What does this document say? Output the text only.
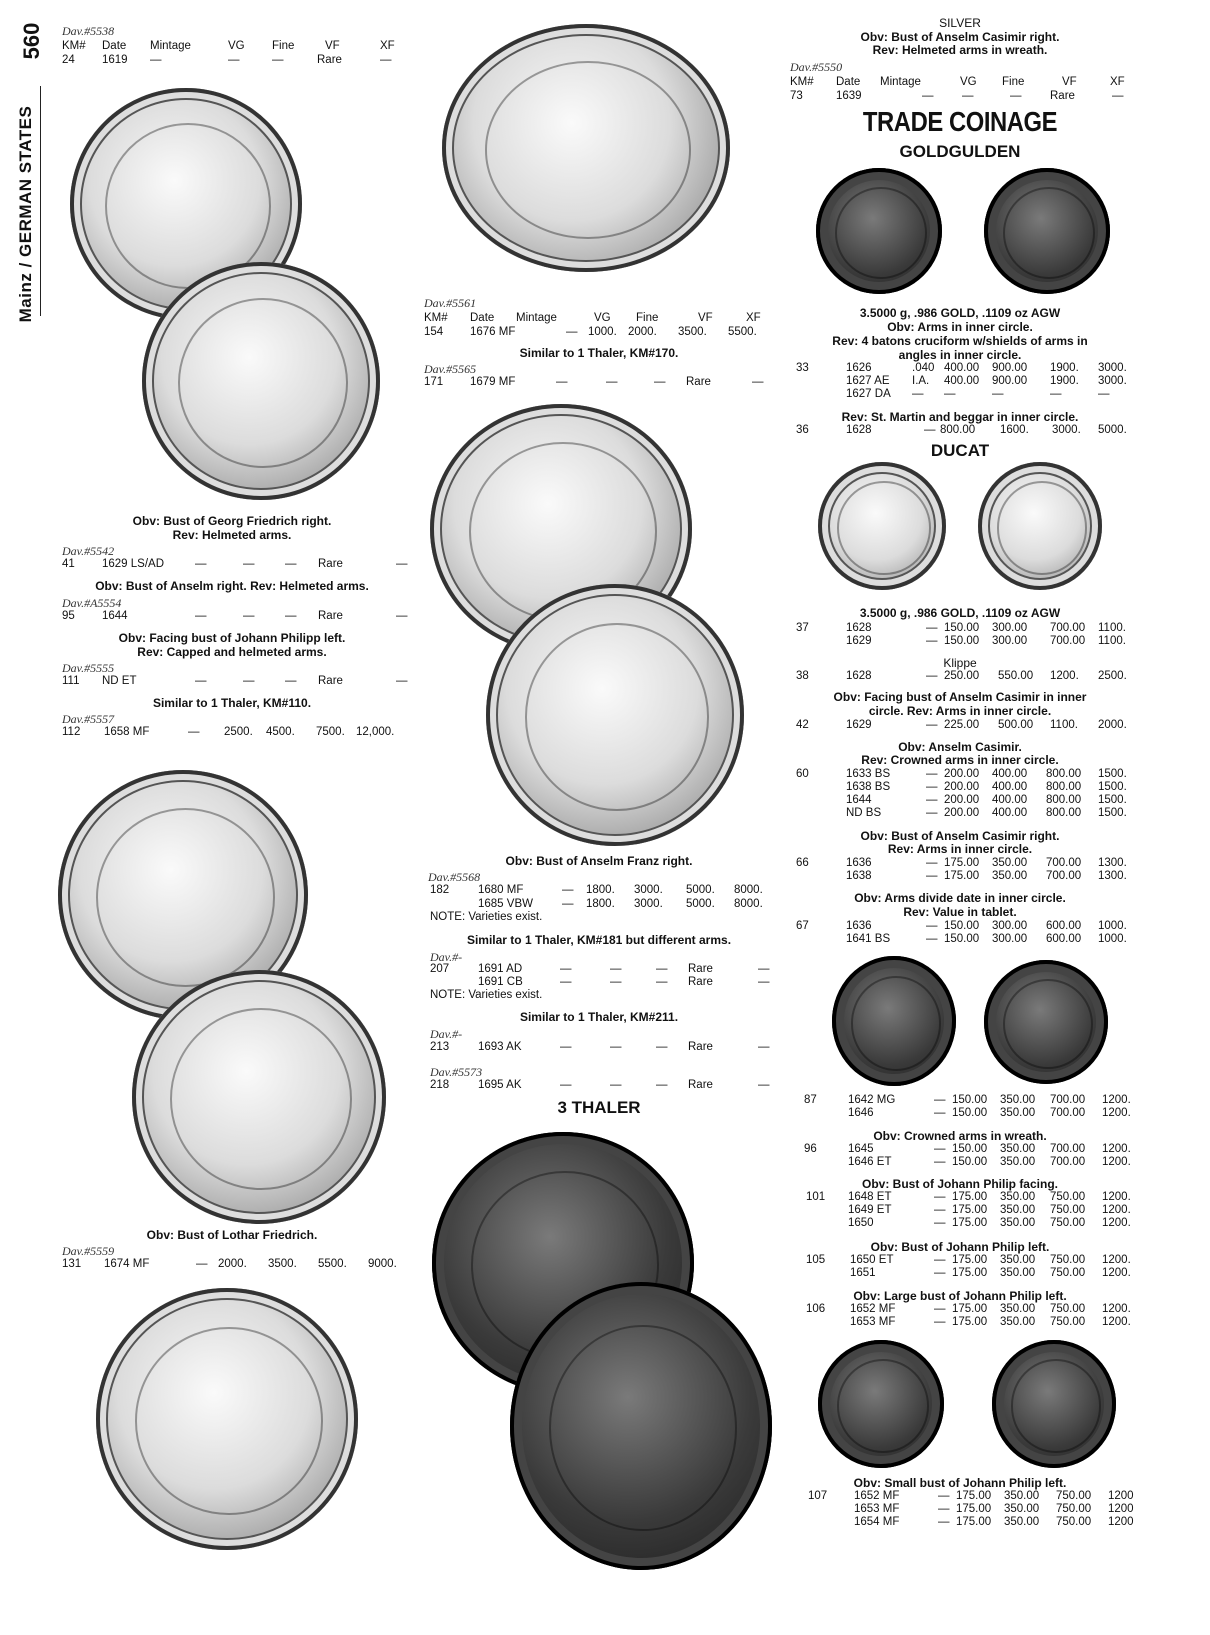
560
Mainz / GERMAN STATES
Dav.#5538
KM# Date Mintage	VG Fine	VF	XF
24 1619 —	—	—	Rare	—
Obv: Bust of Georg Friedrich right.
Rev: Helmeted arms.
Dav.#5542
41 1629 LS/AD	—	—	— Rare	—
Obv: Bust of Anselm right. Rev: Helmeted arms.
Dav.#A5554
95 1644	—	—	— Rare	—
Obv: Facing bust of Johann Philipp left.
Rev: Capped and helmeted arms.
Dav.#5555
111 ND ET	—	—	— Rare	—
Similar to 1 Thaler, KM#110.
Dav.#5557
112 1658 MF	— 2500. 4500. 7500. 12,000.
Obv: Bust of Lothar Friedrich.
Dav.#5559
131 1674 MF	— 2000. 3500. 5500. 9000.
Dav.#5561
KM# Date Mintage	VG Fine	VF	XF
154 1676 MF	— 1000. 2000. 3500. 5500.
Similar to 1 Thaler, KM#170.
Dav.#5565
171 1679 MF	—	—	— Rare	—
Obv: Bust of Anselm Franz right.
Dav.#5568
182	1680 MF	— 1800. 3000. 5000. 8000.
1685 VBW	— 1800. 3000. 5000. 8000.
NOTE: Varieties exist.
Similar to 1 Thaler, KM#181 but different arms.
Dav.#-
207	1691 AD	—	—	— Rare	—
1691 CB	—	—	— Rare	—
NOTE: Varieties exist.
Similar to 1 Thaler, KM#211.
Dav.#-
213	1693 AK	—	—	— Rare	—
Dav.#5573
218	1695 AK	—	—	— Rare	—
3 THALER
SILVER
Obv: Bust of Anselm Casimir right.
Rev: Helmeted arms in wreath.
Dav.#5550
KM# Date Mintage	VG Fine	VF	XF
73	1639	— —	— Rare	—
TRADE COINAGE
GOLDGULDEN
3.5000 g, .986 GOLD, .1109 oz AGW
Obv: Arms in inner circle.
Rev: 4 batons cruciform w/shields of arms in
angles in inner circle.
33	1626	.040 400.00 900.00 1900. 3000.
1627 AE I.A. 400.00 900.00 1900. 3000.
1627 DA — —	—	—	—
Rev: St. Martin and beggar in inner circle.
36	1628	— 800.00 1600. 3000. 5000.
DUCAT
3.5000 g, .986 GOLD, .1109 oz AGW
37	1628	— 150.00 300.00 700.00 1100.
1629	— 150.00 300.00 700.00 1100.
Klippe
38	1628	— 250.00 550.00 1200. 2500.
Obv: Facing bust of Anselm Casimir in inner
circle. Rev: Arms in inner circle.
42	1629	— 225.00 500.00 1100. 2000.
Obv: Anselm Casimir.
Rev: Crowned arms in inner circle.
60	1633 BS	— 200.00 400.00 800.00 1500.
1638 BS	— 200.00 400.00 800.00 1500.
1644	— 200.00 400.00 800.00 1500.
ND BS	— 200.00 400.00 800.00 1500.
Obv: Bust of Anselm Casimir right.
Rev: Arms in inner circle.
66	1636	— 175.00 350.00 700.00 1300.
1638	— 175.00 350.00 700.00 1300.
Obv: Arms divide date in inner circle.
Rev: Value in tablet.
67	1636	— 150.00 300.00 600.00 1000.
1641 BS	— 150.00 300.00 600.00 1000.
87	1642 MG	— 150.00 350.00 700.00 1200.
1646	— 150.00 350.00 700.00 1200.
Obv: Crowned arms in wreath.
96	1645	— 150.00 350.00 700.00 1200.
1646 ET	— 150.00 350.00 700.00 1200.
Obv: Bust of Johann Philip facing.
101 1648 ET	— 175.00 350.00 750.00 1200.
1649 ET	— 175.00 350.00 750.00 1200.
1650	— 175.00 350.00 750.00 1200.
Obv: Bust of Johann Philip left.
105 1650 ET	— 175.00 350.00 750.00 1200.
1651	— 175.00 350.00 750.00 1200.
Obv: Large bust of Johann Philip left.
106 1652 MF	— 175.00 350.00 750.00 1200.
1653 MF	— 175.00 350.00 750.00 1200.
Obv: Small bust of Johann Philip left.
107 1652 MF	— 175.00 350.00 750.00 1200
1653 MF	— 175.00 350.00 750.00 1200
1654 MF	— 175.00 350.00 750.00 1200
